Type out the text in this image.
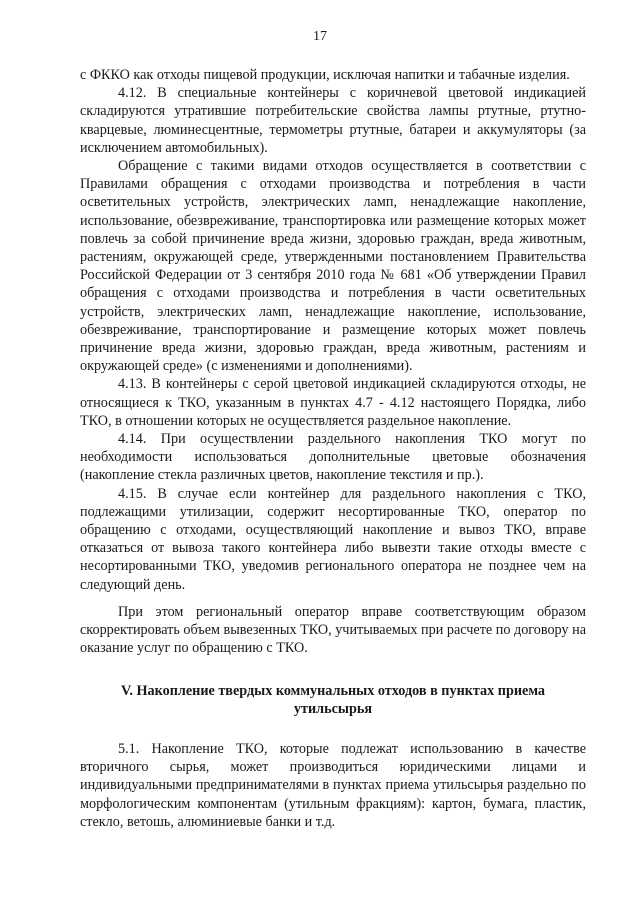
17

с ФККО как отходы пищевой продукции, исключая напитки и табачные изделия.

4.12. В специальные контейнеры с коричневой цветовой индикацией складируются утратившие потребительские свойства лампы ртутные, ртутно-кварцевые, люминесцентные, термометры ртутные, батареи и аккумуляторы (за исключением автомобильных).

Обращение с такими видами отходов осуществляется в соответствии с Правилами обращения с отходами производства и потребления в части осветительных устройств, электрических ламп, ненадлежащие накопление, использование, обезвреживание, транспортировка или размещение которых может повлечь за собой причинение вреда жизни, здоровью граждан, вреда животным, растениям, окружающей среде, утвержденными постановлением Правительства Российской Федерации от 3 сентября 2010 года № 681 «Об утверждении Правил обращения с отходами производства и потребления в части осветительных устройств, электрических ламп, ненадлежащие накопление, использование, обезвреживание, транспортирование и размещение которых может повлечь причинение вреда жизни, здоровью граждан, вреда животным, растениям и окружающей среде» (с изменениями и дополнениями).

4.13. В контейнеры с серой цветовой индикацией складируются отходы, не относящиеся к ТКО, указанным в пунктах 4.7 - 4.12 настоящего Порядка, либо ТКО, в отношении которых не осуществляется раздельное накопление.

4.14. При осуществлении раздельного накопления ТКО могут по необходимости использоваться дополнительные цветовые обозначения (накопление стекла различных цветов, накопление текстиля и пр.).

4.15. В случае если контейнер для раздельного накопления с ТКО, подлежащими утилизации, содержит несортированные ТКО, оператор по обращению с отходами, осуществляющий накопление и вывоз ТКО, вправе отказаться от вывоза такого контейнера либо вывезти такие отходы вместе с несортированными ТКО, уведомив регионального оператора не позднее чем на следующий день.

При этом региональный оператор вправе соответствующим образом скорректировать объем вывезенных ТКО, учитываемых при расчете по договору на оказание услуг по обращению с ТКО.

V. Накопление твердых коммунальных отходов в пунктах приема утильсырья

5.1. Накопление ТКО, которые подлежат использованию в качестве вторичного сырья, может производиться юридическими лицами и индивидуальными предпринимателями в пунктах приема утильсырья раздельно по морфологическим компонентам (утильным фракциям): картон, бумага, пластик, стекло, ветошь, алюминиевые банки и т.д.
